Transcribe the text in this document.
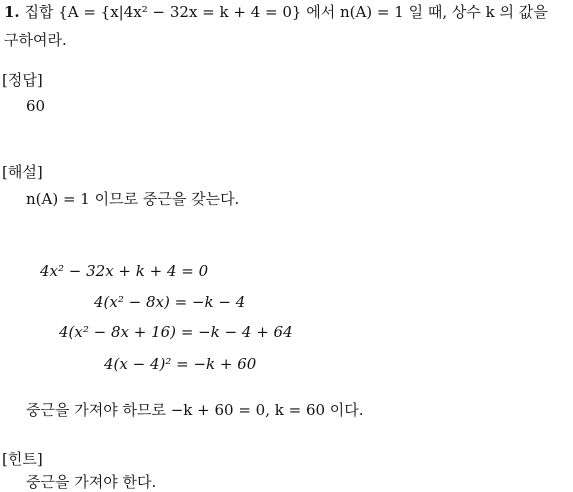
1. 집합 {A = {x|4x² − 32x = k + 4 = 0} 에서 n(A) = 1 일 때, 상수 k 의 값을
구하여라.
[정답]
60
[해설]
n(A) = 1 이므로 중근을 갖는다.
4x² − 32x + k + 4 = 0
4(x² − 8x) = −k − 4
4(x² − 8x + 16) = −k − 4 + 64
4(x − 4)² = −k + 60
중근을 가져야 하므로 −k + 60 = 0, k = 60 이다.
[힌트]
중근을 가져야 한다.
